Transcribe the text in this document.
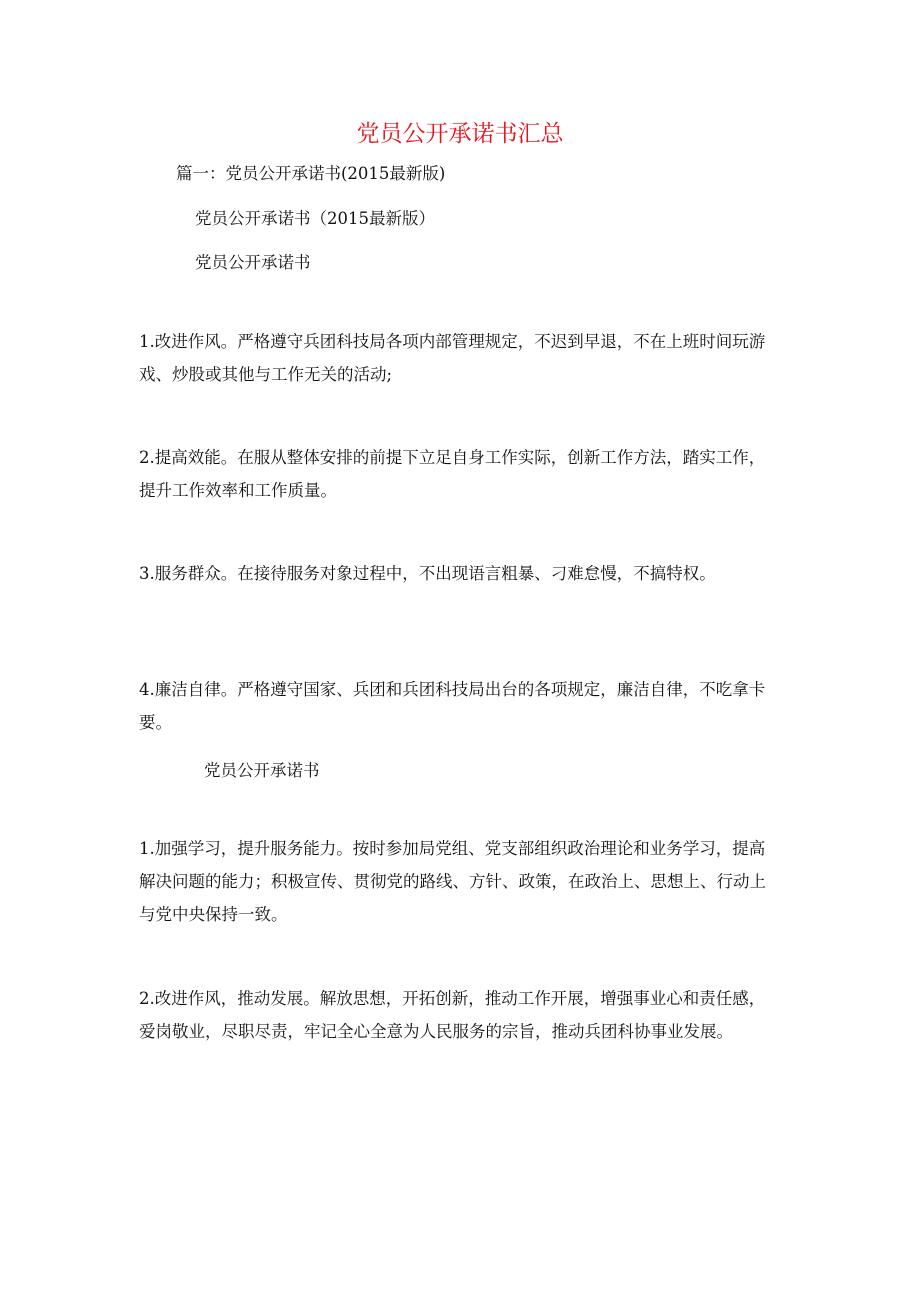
党员公开承诺书汇总
篇一：党员公开承诺书(2015最新版)
党员公开承诺书（2015最新版）
党员公开承诺书
1.改进作风。严格遵守兵团科技局各项内部管理规定，不迟到早退，不在上班时间玩游戏、炒股或其他与工作无关的活动;
2.提高效能。在服从整体安排的前提下立足自身工作实际，创新工作方法，踏实工作，提升工作效率和工作质量。
3.服务群众。在接待服务对象过程中，不出现语言粗暴、刁难怠慢，不搞特权。
4.廉洁自律。严格遵守国家、兵团和兵团科技局出台的各项规定，廉洁自律，不吃拿卡要。
党员公开承诺书
1.加强学习，提升服务能力。按时参加局党组、党支部组织政治理论和业务学习，提高解决问题的能力；积极宣传、贯彻党的路线、方针、政策，在政治上、思想上、行动上与党中央保持一致。
2.改进作风，推动发展。解放思想，开拓创新，推动工作开展，增强事业心和责任感，爱岗敬业，尽职尽责，牢记全心全意为人民服务的宗旨，推动兵团科协事业发展。
